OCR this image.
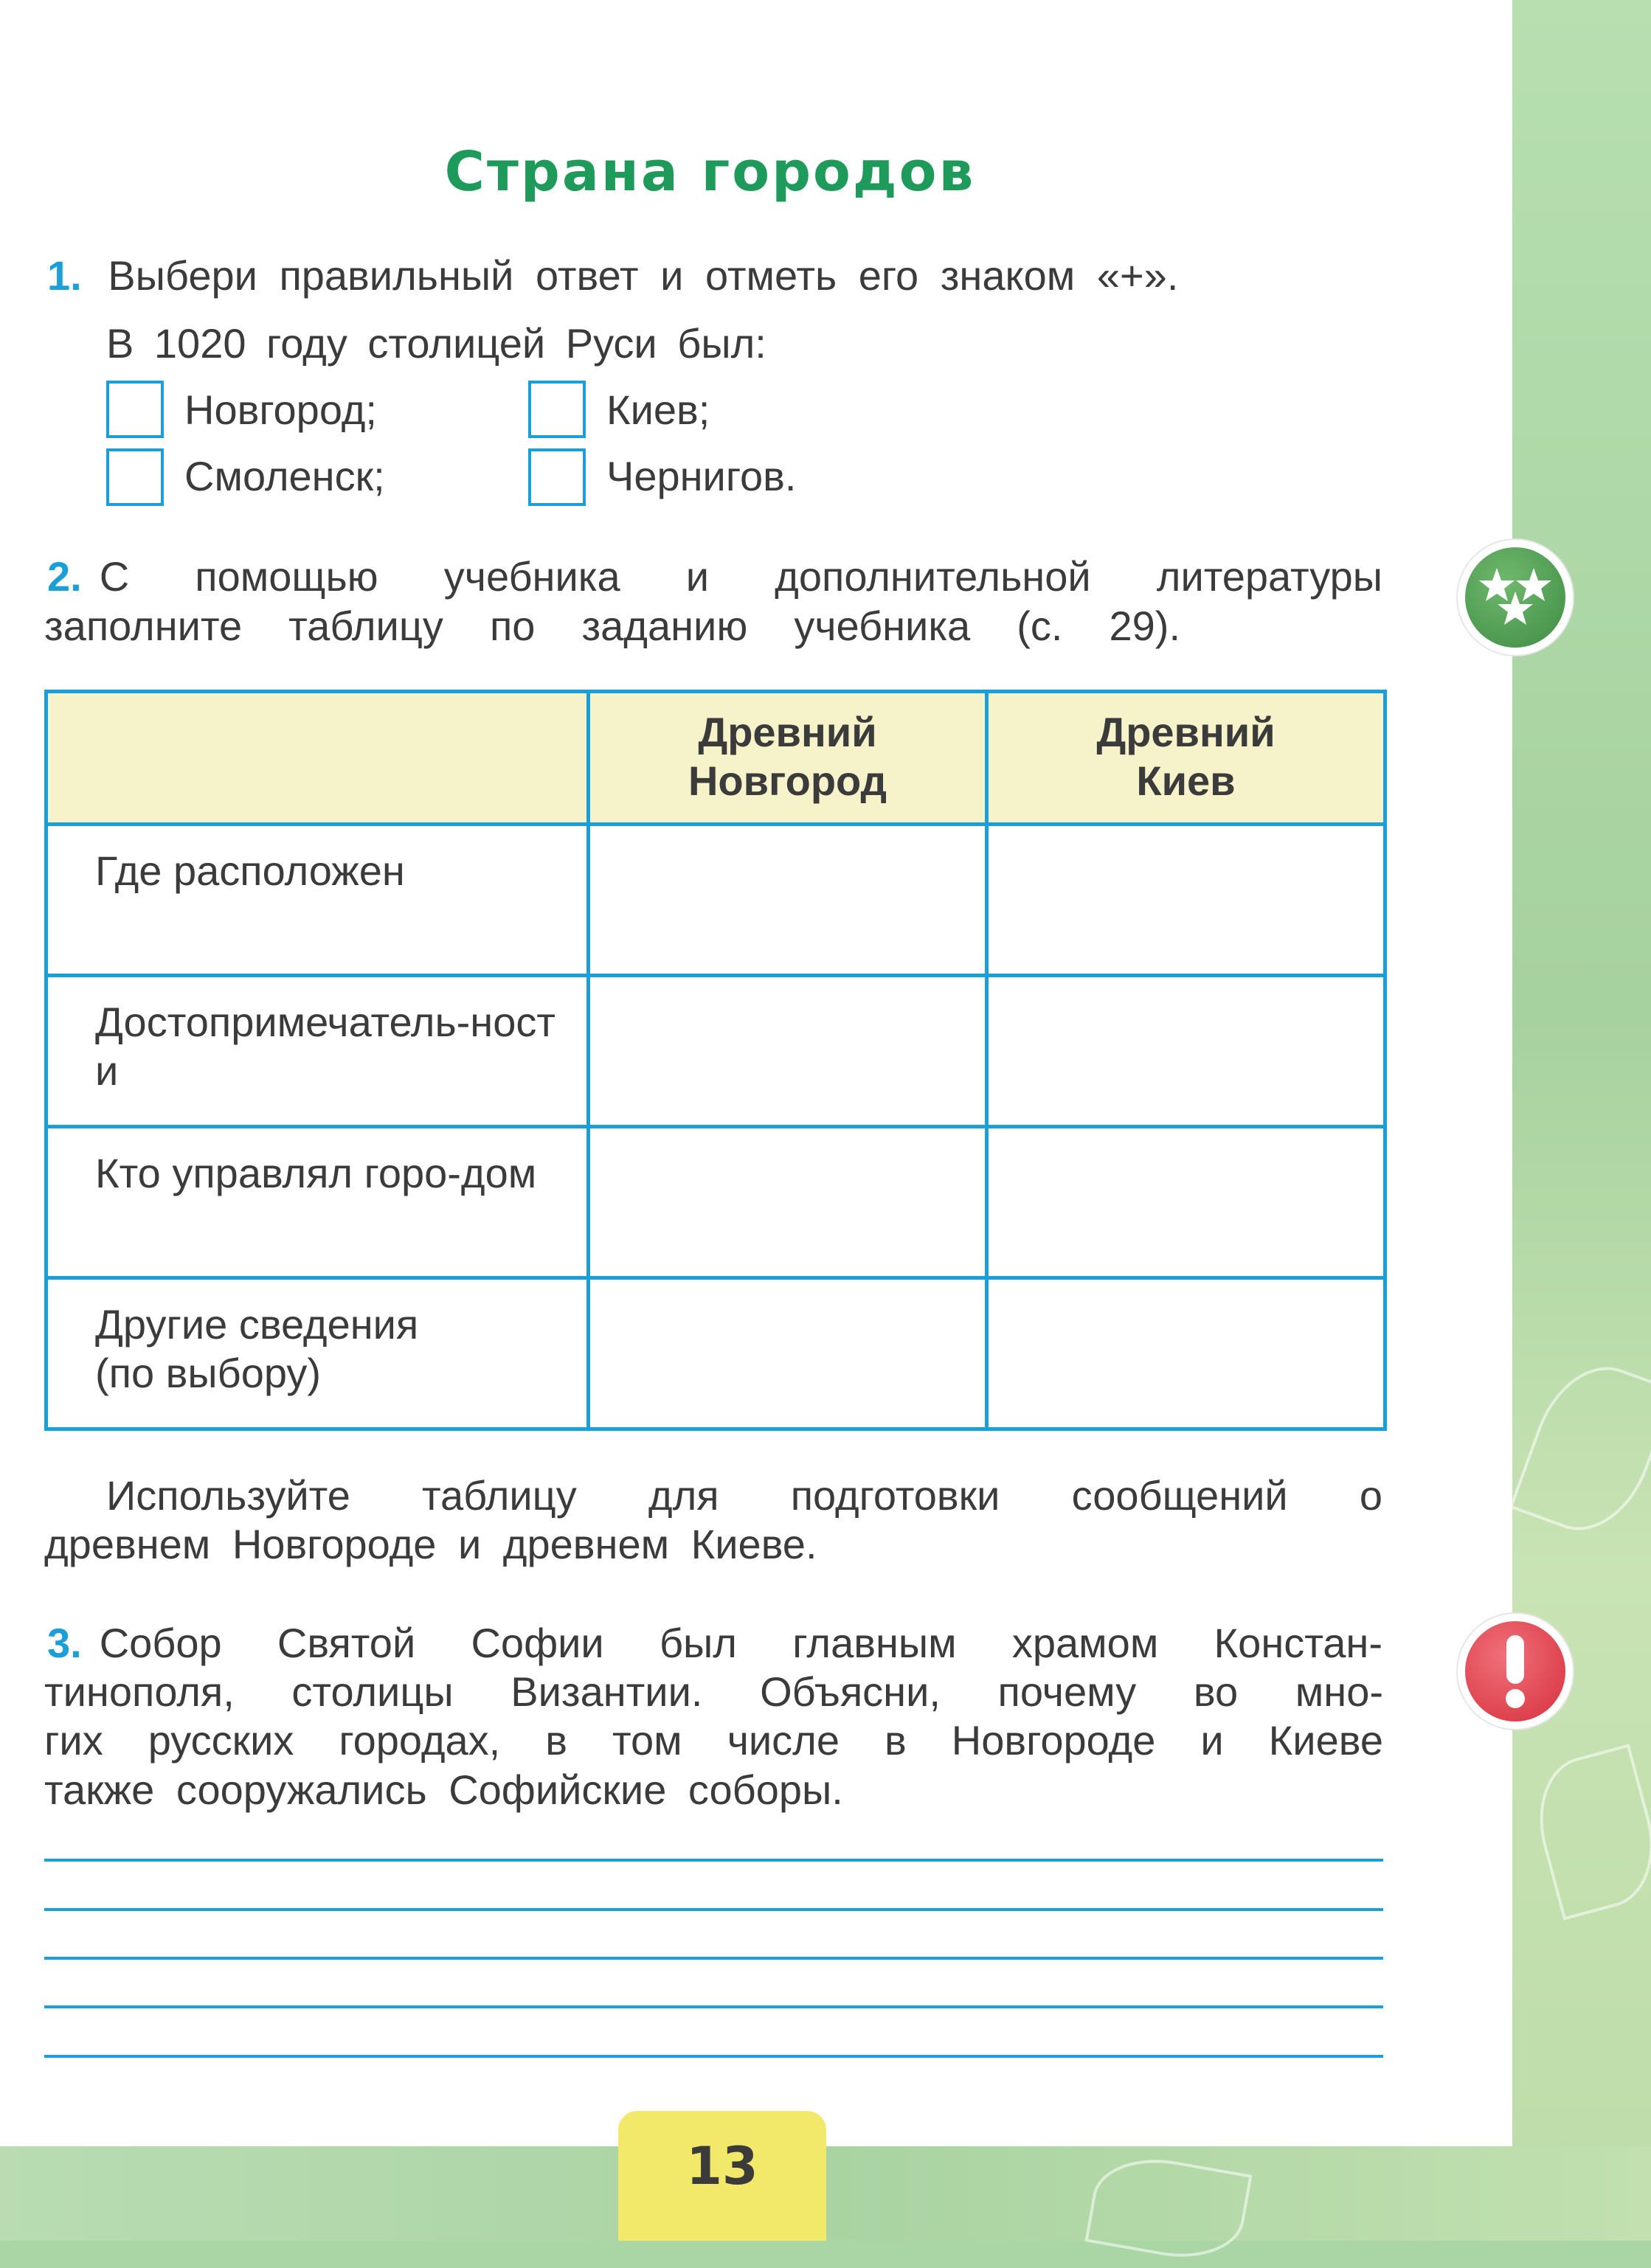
Страна городов
1. Выбери правильный ответ и отметь его знаком «+».
В 1020 году столицей Руси был:
Новгород;	Киев;
Смоленск;	Чернигов.
2. С помощью учебника и дополнительной литературы
заполните таблицу по заданию учебника (с. 29).
	Древний Новгород	Древний Киев
Где расположен		
Достопримечатель-ности		
Кто управлял горо-дом		
Другие сведения (по выбору)		
Используйте таблицу для подготовки сообщений о
древнем Новгороде и древнем Киеве.
3. Собор Святой Софии был главным храмом Констан-
тинополя, столицы Византии. Объясни, почему во мно-
гих русских городах, в том числе в Новгороде и Киеве
также сооружались Софийские соборы.
13
